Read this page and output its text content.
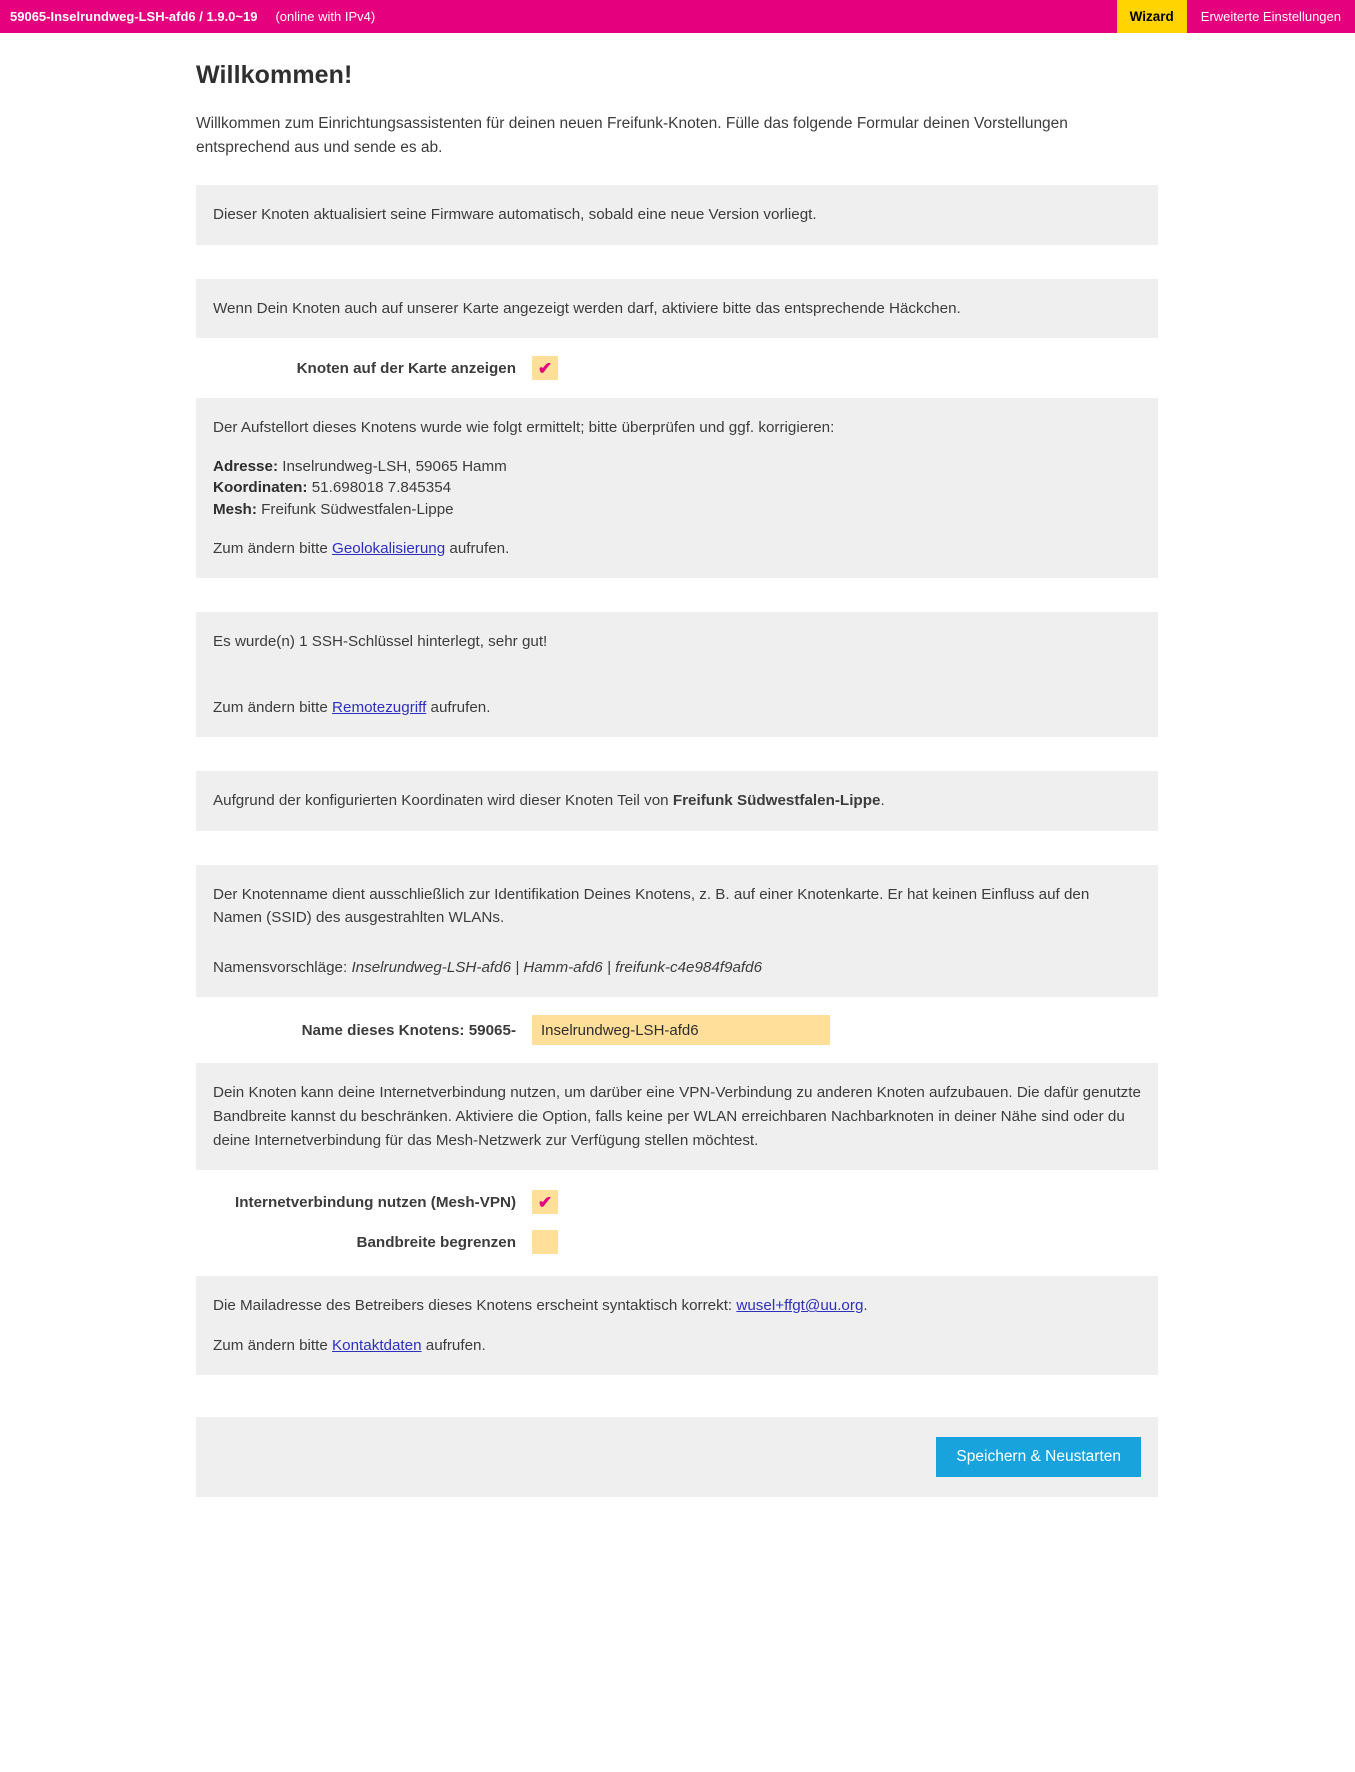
59065-Inselrundweg-LSH-afd6 / 1.9.0~19 (online with IPv4)	Wizard	Erweiterte Einstellungen
Willkommen!

Willkommen zum Einrichtungsassistenten für deinen neuen Freifunk-Knoten. Fülle das folgende Formular deinen Vorstellungen entsprechend aus und sende es ab.

Dieser Knoten aktualisiert seine Firmware automatisch, sobald eine neue Version vorliegt.

Wenn Dein Knoten auch auf unserer Karte angezeigt werden darf, aktiviere bitte das entsprechende Häckchen.

Knoten auf der Karte anzeigen	✔

Der Aufstellort dieses Knotens wurde wie folgt ermittelt; bitte überprüfen und ggf. korrigieren:

Adresse: Inselrundweg-LSH, 59065 Hamm
Koordinaten: 51.698018 7.845354
Mesh: Freifunk Südwestfalen-Lippe

Zum ändern bitte Geolokalisierung aufrufen.

Es wurde(n) 1 SSH-Schlüssel hinterlegt, sehr gut!

Zum ändern bitte Remotezugriff aufrufen.

Aufgrund der konfigurierten Koordinaten wird dieser Knoten Teil von Freifunk Südwestfalen-Lippe.

Der Knotenname dient ausschließlich zur Identifikation Deines Knotens, z. B. auf einer Knotenkarte. Er hat keinen Einfluss auf den Namen (SSID) des ausgestrahlten WLANs.

Namensvorschläge: Inselrundweg-LSH-afd6 | Hamm-afd6 | freifunk-c4e984f9afd6

Name dieses Knotens: 59065-
Inselrundweg-LSH-afd6

Dein Knoten kann deine Internetverbindung nutzen, um darüber eine VPN-Verbindung zu anderen Knoten aufzubauen. Die dafür genutzte Bandbreite kannst du beschränken. Aktiviere die Option, falls keine per WLAN erreichbaren Nachbarknoten in deiner Nähe sind oder du deine Internetverbindung für das Mesh-Netzwerk zur Verfügung stellen möchtest.

Internetverbindung nutzen (Mesh-VPN)	✔
Bandbreite begrenzen

Die Mailadresse des Betreibers dieses Knotens erscheint syntaktisch korrekt: wusel+ffgt@uu.org.

Zum ändern bitte Kontaktdaten aufrufen.

Speichern & Neustarten
